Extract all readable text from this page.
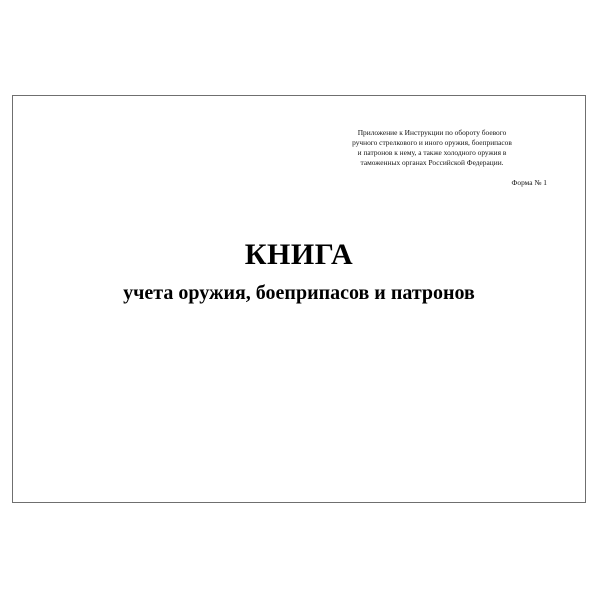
Приложение к Инструкции по обороту боевого

ручного стрелкового и иного оружия, боеприпасов

и патронов к нему, а также холодного оружия в

таможенных органах Российской Федерации.

Форма № 1
КНИГА
учета оружия, боеприпасов и патронов
